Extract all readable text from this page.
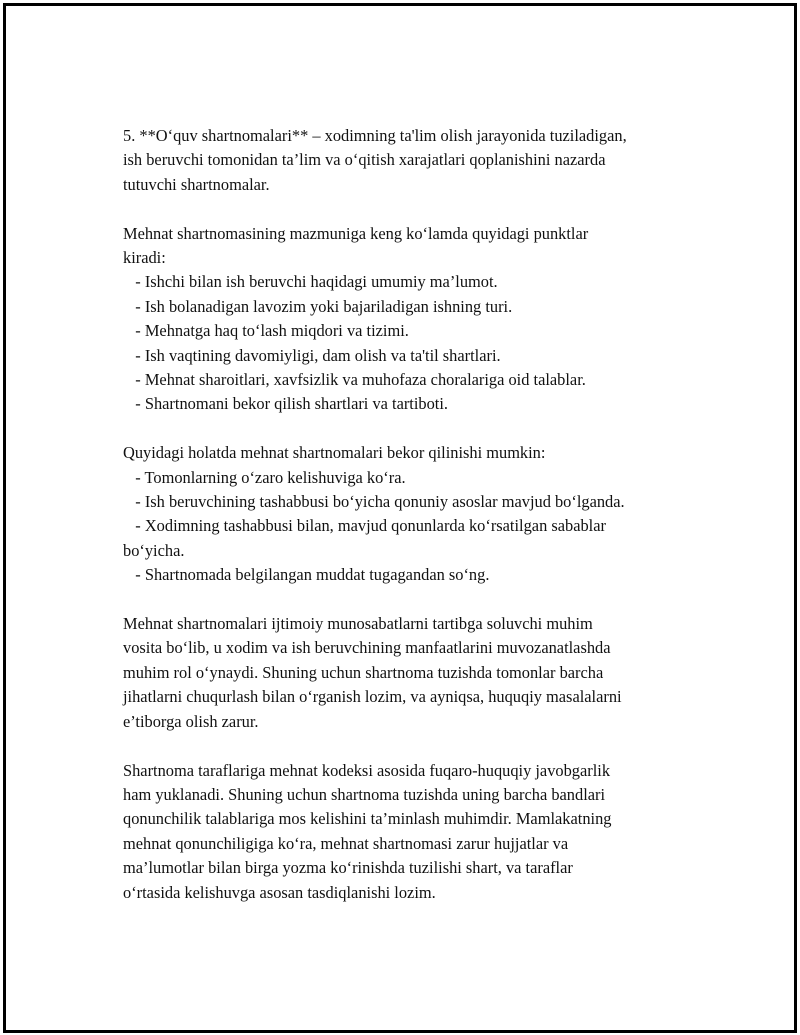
5. **O‘quv shartnomalari** – xodimning ta'lim olish jarayonida tuziladigan,

ish beruvchi tomonidan ta’lim va o‘qitish xarajatlari qoplanishini nazarda

tutuvchi shartnomalar.

Mehnat shartnomasining mazmuniga keng ko‘lamda quyidagi punktlar

kiradi:

- Ishchi bilan ish beruvchi haqidagi umumiy ma’lumot.

- Ish bolanadigan lavozim yoki bajariladigan ishning turi.

- Mehnatga haq to‘lash miqdori va tizimi.

- Ish vaqtining davomiyligi, dam olish va ta'til shartlari.

- Mehnat sharoitlari, xavfsizlik va muhofaza choralariga oid talablar.

- Shartnomani bekor qilish shartlari va tartiboti.

Quyidagi holatda mehnat shartnomalari bekor qilinishi mumkin:

- Tomonlarning o‘zaro kelishuviga ko‘ra.

- Ish beruvchining tashabbusi bo‘yicha qonuniy asoslar mavjud bo‘lganda.

- Xodimning tashabbusi bilan, mavjud qonunlarda ko‘rsatilgan sabablar

bo‘yicha.

- Shartnomada belgilangan muddat tugagandan so‘ng.

Mehnat shartnomalari ijtimoiy munosabatlarni tartibga soluvchi muhim

vosita bo‘lib, u xodim va ish beruvchining manfaatlarini muvozanatlashda

muhim rol o‘ynaydi. Shuning uchun shartnoma tuzishda tomonlar barcha

jihatlarni chuqurlash bilan o‘rganish lozim, va ayniqsa, huquqiy masalalarni

e’tiborga olish zarur.

Shartnoma taraflariga mehnat kodeksi asosida fuqaro-huquqiy javobgarlik

ham yuklanadi. Shuning uchun shartnoma tuzishda uning barcha bandlari

qonunchilik talablariga mos kelishini ta’minlash muhimdir. Mamlakatning

mehnat qonunchiligiga ko‘ra, mehnat shartnomasi zarur hujjatlar va

ma’lumotlar bilan birga yozma ko‘rinishda tuzilishi shart, va taraflar

o‘rtasida kelishuvga asosan tasdiqlanishi lozim.
